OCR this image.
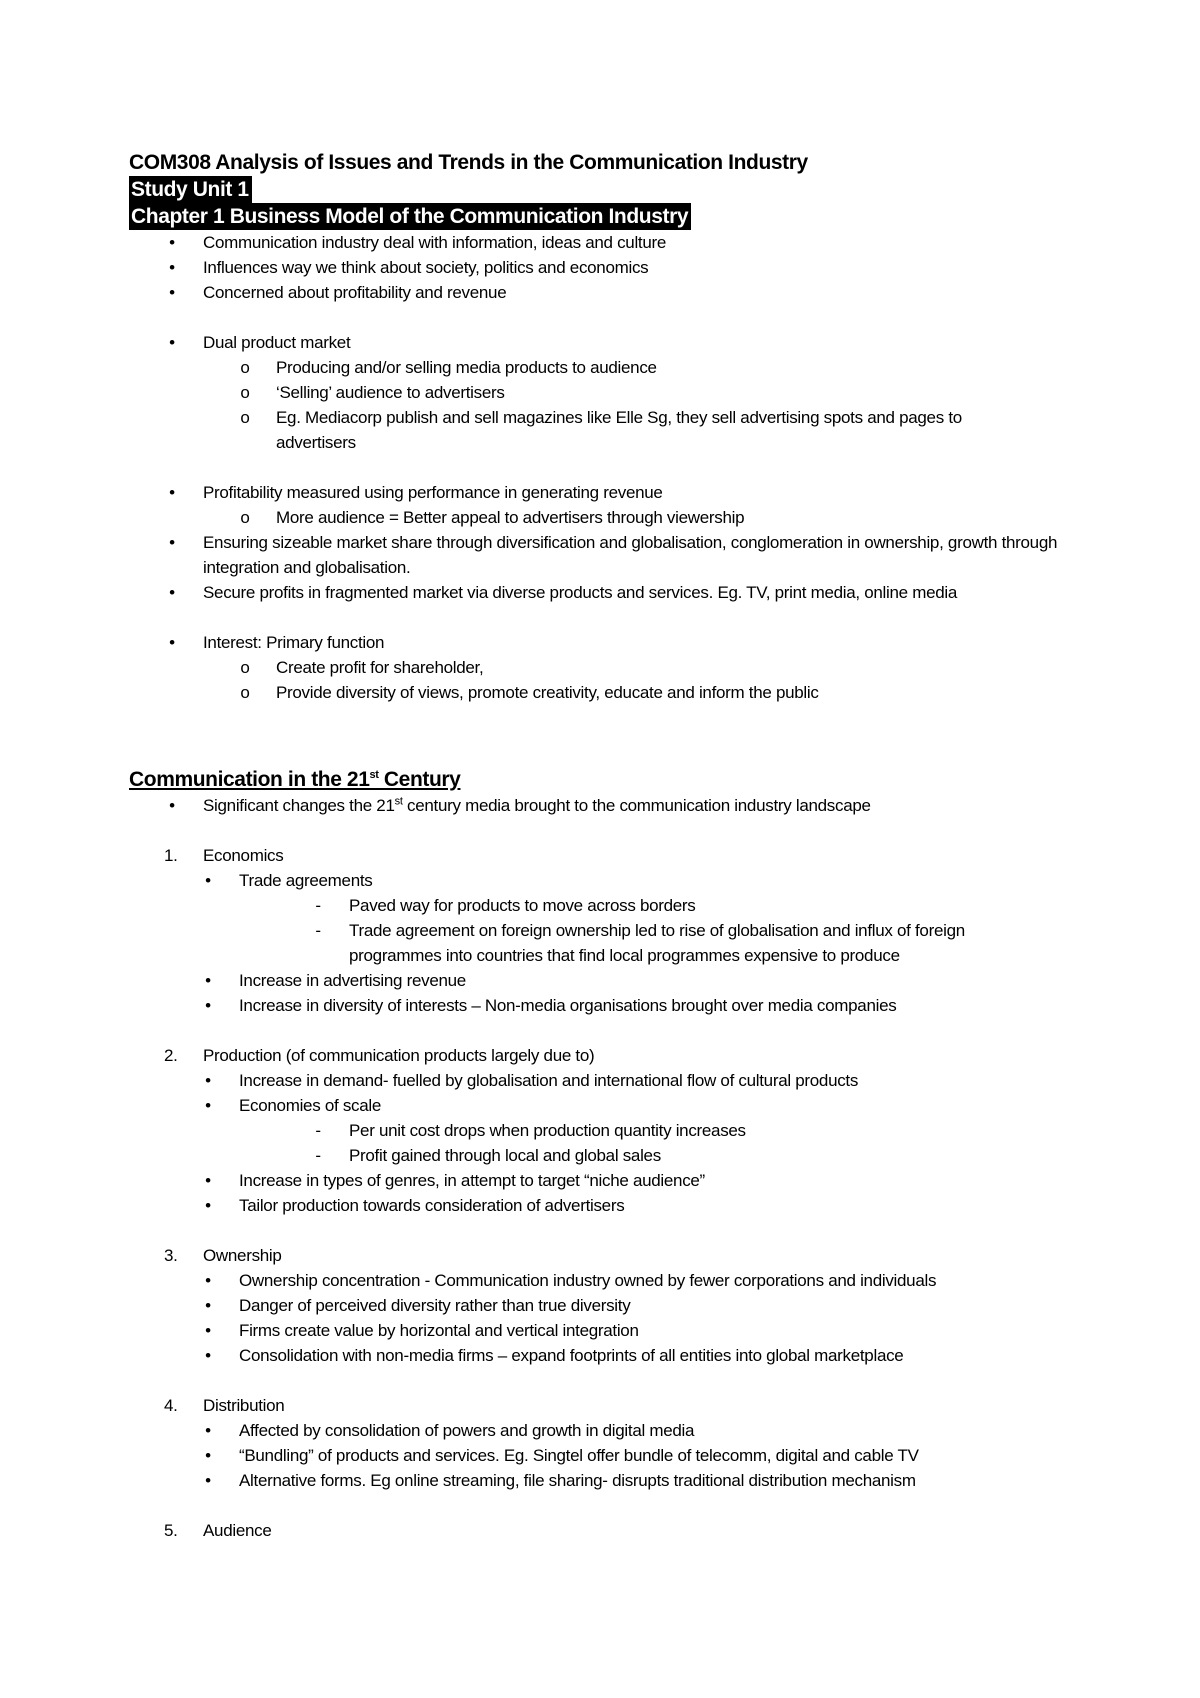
COM308 Analysis of Issues and Trends in the Communication Industry
Study Unit 1
Chapter 1 Business Model of the Communication Industry
•	Communication industry deal with information, ideas and culture
•	Influences way we think about society, politics and economics
•	Concerned about profitability and revenue
•	Dual product market
o	Producing and/or selling media products to audience
o	‘Selling’ audience to advertisers
o	Eg. Mediacorp publish and sell magazines like Elle Sg, they sell advertising spots and pages to advertisers
•	Profitability measured using performance in generating revenue
o	More audience = Better appeal to advertisers through viewership
•	Ensuring sizeable market share through diversification and globalisation, conglomeration in ownership, growth through integration and globalisation.
•	Secure profits in fragmented market via diverse products and services. Eg. TV, print media, online media
•	Interest: Primary function
o	Create profit for shareholder,
o	Provide diversity of views, promote creativity, educate and inform the public
Communication in the 21st Century
•	Significant changes the 21st century media brought to the communication industry landscape
1. Economics
•	Trade agreements
-	Paved way for products to move across borders
-	Trade agreement on foreign ownership led to rise of globalisation and influx of foreign programmes into countries that find local programmes expensive to produce
•	Increase in advertising revenue
•	Increase in diversity of interests – Non-media organisations brought over media companies
2. Production (of communication products largely due to)
•	Increase in demand- fuelled by globalisation and international flow of cultural products
•	Economies of scale
-	Per unit cost drops when production quantity increases
-	Profit gained through local and global sales
•	Increase in types of genres, in attempt to target “niche audience”
•	Tailor production towards consideration of advertisers
3. Ownership
•	Ownership concentration - Communication industry owned by fewer corporations and individuals
•	Danger of perceived diversity rather than true diversity
•	Firms create value by horizontal and vertical integration
•	Consolidation with non-media firms – expand footprints of all entities into global marketplace
4. Distribution
•	Affected by consolidation of powers and growth in digital media
•	“Bundling” of products and services. Eg. Singtel offer bundle of telecomm, digital and cable TV
•	Alternative forms. Eg online streaming, file sharing- disrupts traditional distribution mechanism
5. Audience
